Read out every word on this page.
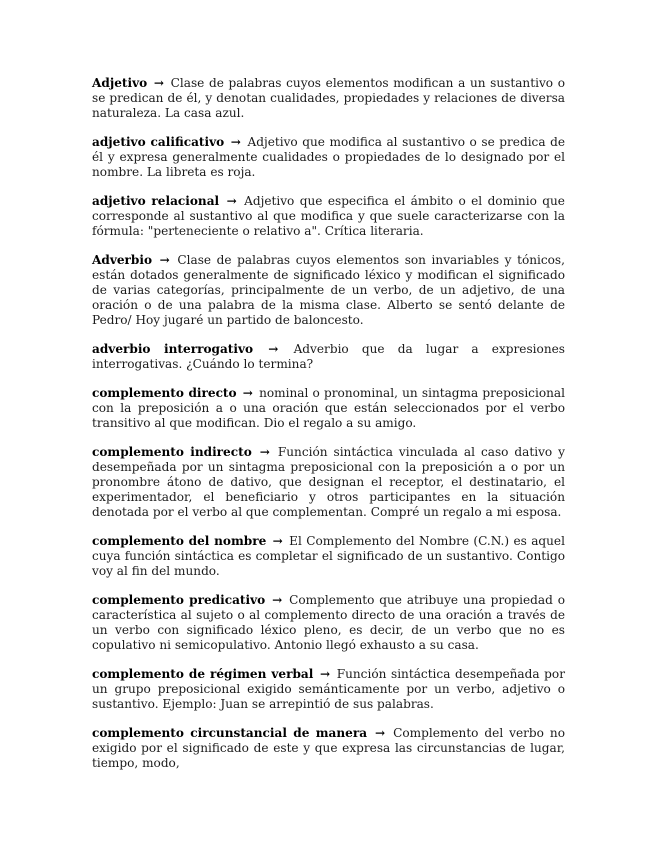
Adjetivo → Clase de palabras cuyos elementos modifican a un sustantivo o se predican de él, y denotan cualidades, propiedades y relaciones de diversa naturaleza. La casa azul.

adjetivo calificativo → Adjetivo que modifica al sustantivo o se predica de él y expresa generalmente cualidades o propiedades de lo designado por el nombre. La libreta es roja.

adjetivo relacional → Adjetivo que especifica el ámbito o el dominio que corresponde al sustantivo al que modifica y que suele caracterizarse con la fórmula: "perteneciente o relativo a". Crítica literaria.

Adverbio → Clase de palabras cuyos elementos son invariables y tónicos, están dotados generalmente de significado léxico y modifican el significado de varias categorías, principalmente de un verbo, de un adjetivo, de una oración o de una palabra de la misma clase. Alberto se sentó delante de Pedro/ Hoy jugaré un partido de baloncesto.

adverbio interrogativo → Adverbio que da lugar a expresiones interrogativas. ¿Cuándo lo termina?

complemento directo → nominal o pronominal, un sintagma preposicional con la preposición a o una oración que están seleccionados por el verbo transitivo al que modifican. Dio el regalo a su amigo.

complemento indirecto → Función sintáctica vinculada al caso dativo y desempeñada por un sintagma preposicional con la preposición a o por un pronombre átono de dativo, que designan el receptor, el destinatario, el experimentador, el beneficiario y otros participantes en la situación denotada por el verbo al que complementan. Compré un regalo a mi esposa.

complemento del nombre → El Complemento del Nombre (C.N.) es aquel cuya función sintáctica es completar el significado de un sustantivo. Contigo voy al fin del mundo.

complemento predicativo → Complemento que atribuye una propiedad o característica al sujeto o al complemento directo de una oración a través de un verbo con significado léxico pleno, es decir, de un verbo que no es copulativo ni semicopulativo. Antonio llegó exhausto a su casa.

complemento de régimen verbal → Función sintáctica desempeñada por un grupo preposicional exigido semánticamente por un verbo, adjetivo o sustantivo. Ejemplo: Juan se arrepintió de sus palabras.

complemento circunstancial de manera → Complemento del verbo no exigido por el significado de este y que expresa las circunstancias de lugar, tiempo, modo,
